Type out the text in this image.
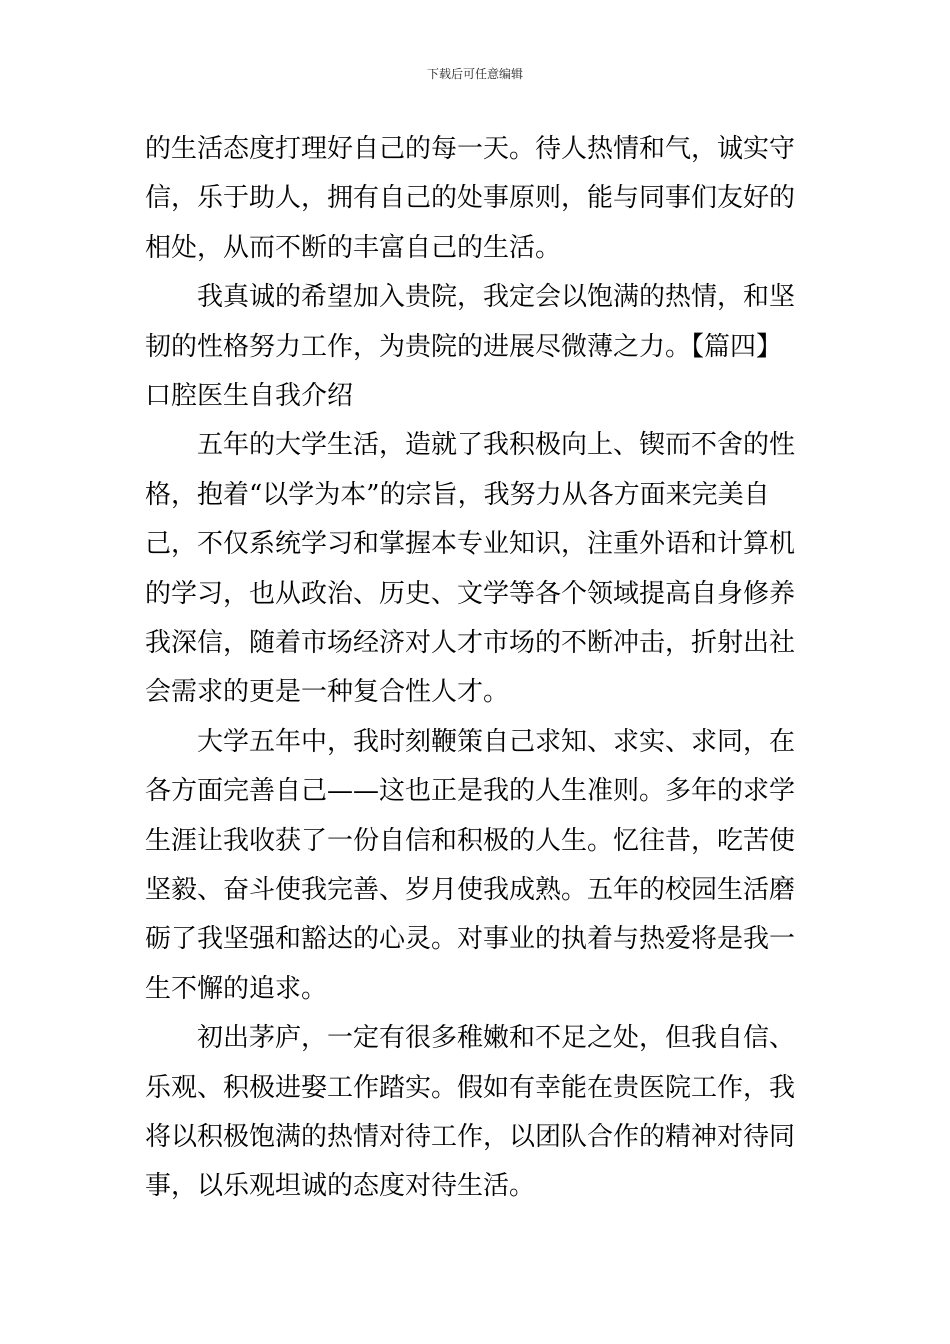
下载后可任意编辑
的生活态度打理好自己的每一天。待人热情和气，诚实守
信，乐于助人，拥有自己的处事原则，能与同事们友好的
相处，从而不断的丰富自己的生活。
我真诚的希望加入贵院，我定会以饱满的热情，和坚
韧的性格努力工作，为贵院的进展尽微薄之力。【篇四】
口腔医生自我介绍
五年的大学生活，造就了我积极向上、锲而不舍的性
格，抱着“以学为本”的宗旨，我努力从各方面来完美自
己，不仅系统学习和掌握本专业知识，注重外语和计算机
的学习，也从政治、历史、文学等各个领域提高自身修养
我深信，随着市场经济对人才市场的不断冲击，折射出社
会需求的更是一种复合性人才。
大学五年中，我时刻鞭策自己求知、求实、求同，在
各方面完善自己——这也正是我的人生准则。多年的求学
生涯让我收获了一份自信和积极的人生。忆往昔，吃苦使
坚毅、奋斗使我完善、岁月使我成熟。五年的校园生活磨
砺了我坚强和豁达的心灵。对事业的执着与热爱将是我一
生不懈的追求。
初出茅庐，一定有很多稚嫩和不足之处，但我自信、
乐观、积极进娶工作踏实。假如有幸能在贵医院工作，我
将以积极饱满的热情对待工作，以团队合作的精神对待同
事，以乐观坦诚的态度对待生活。
